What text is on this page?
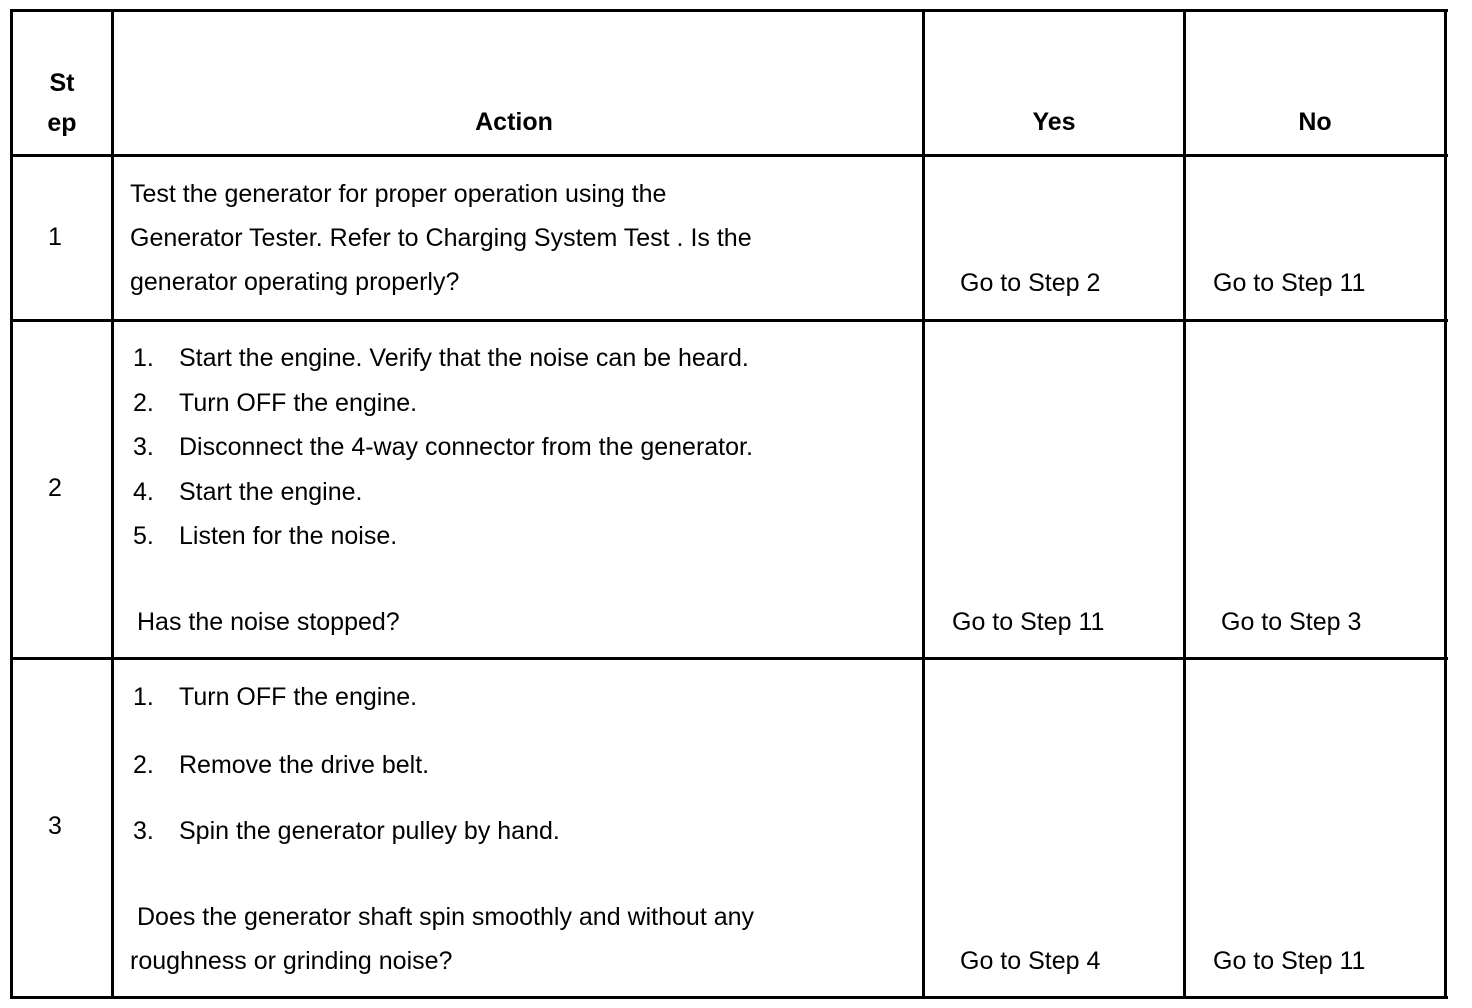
St
ep	Action	Yes	No
1
Test the generator for proper operation using the
Generator Tester. Refer to Charging System Test . Is the
generator operating properly?	Go to Step 2	Go to Step 11
2
1. Start the engine. Verify that the noise can be heard.
2. Turn OFF the engine.
3. Disconnect the 4-way connector from the generator.
4. Start the engine.
5. Listen for the noise.
Has the noise stopped?	Go to Step 11	Go to Step 3
3
1. Turn OFF the engine.
2. Remove the drive belt.
3. Spin the generator pulley by hand.
Does the generator shaft spin smoothly and without any
roughness or grinding noise?	Go to Step 4	Go to Step 11
